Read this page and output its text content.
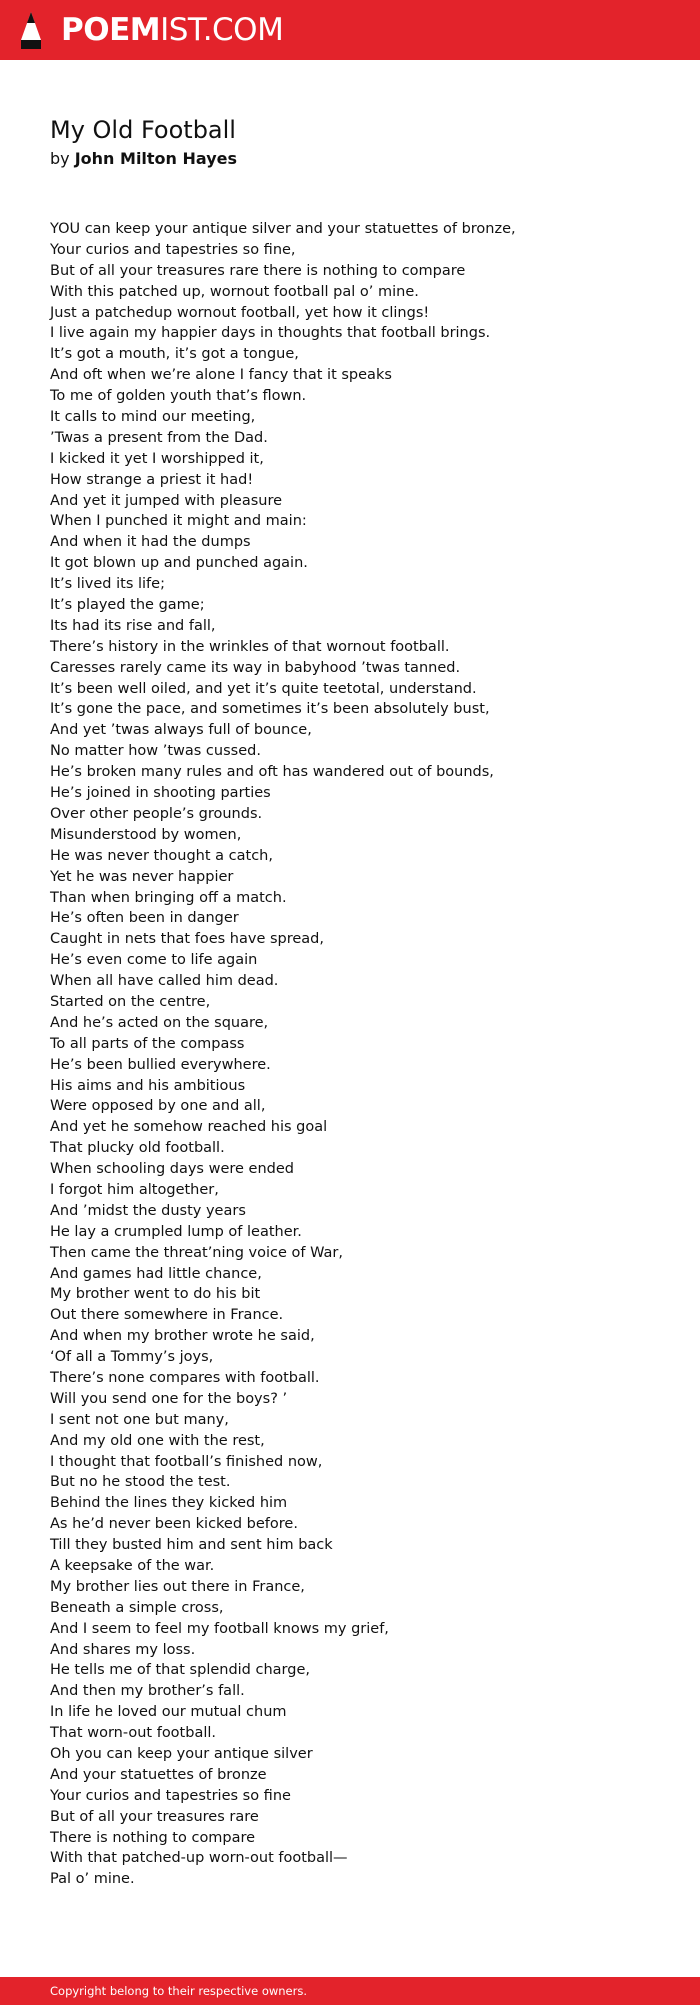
POEMIST.COM
My Old Football
by John Milton Hayes
YOU can keep your antique silver and your statuettes of bronze,
Your curios and tapestries so fine,
But of all your treasures rare there is nothing to compare
With this patched up, wornout football pal o’ mine.
Just a patchedup wornout football, yet how it clings!
I live again my happier days in thoughts that football brings.
It’s got a mouth, it’s got a tongue,
And oft when we’re alone I fancy that it speaks
To me of golden youth that’s flown.
It calls to mind our meeting,
’Twas a present from the Dad.
I kicked it yet I worshipped it,
How strange a priest it had!
And yet it jumped with pleasure
When I punched it might and main:
And when it had the dumps
It got blown up and punched again.
It’s lived its life;
It’s played the game;
Its had its rise and fall,
There’s history in the wrinkles of that wornout football.
Caresses rarely came its way in babyhood ’twas tanned.
It’s been well oiled, and yet it’s quite teetotal, understand.
It’s gone the pace, and sometimes it’s been absolutely bust,
And yet ’twas always full of bounce,
No matter how ’twas cussed.
He’s broken many rules and oft has wandered out of bounds,
He’s joined in shooting parties
Over other people’s grounds.
Misunderstood by women,
He was never thought a catch,
Yet he was never happier
Than when bringing off a match.
He’s often been in danger
Caught in nets that foes have spread,
He’s even come to life again
When all have called him dead.
Started on the centre,
And he’s acted on the square,
To all parts of the compass
He’s been bullied everywhere.
His aims and his ambitious
Were opposed by one and all,
And yet he somehow reached his goal
That plucky old football.
When schooling days were ended
I forgot him altogether,
And ’midst the dusty years
He lay a crumpled lump of leather.
Then came the threat’ning voice of War,
And games had little chance,
My brother went to do his bit
Out there somewhere in France.
And when my brother wrote he said,
‘Of all a Tommy’s joys,
There’s none compares with football.
Will you send one for the boys? ’
I sent not one but many,
And my old one with the rest,
I thought that football’s finished now,
But no he stood the test.
Behind the lines they kicked him
As he’d never been kicked before.
Till they busted him and sent him back
A keepsake of the war.
My brother lies out there in France,
Beneath a simple cross,
And I seem to feel my football knows my grief,
And shares my loss.
He tells me of that splendid charge,
And then my brother’s fall.
In life he loved our mutual chum
That worn-out football.
Oh you can keep your antique silver
And your statuettes of bronze
Your curios and tapestries so fine
But of all your treasures rare
There is nothing to compare
With that patched-up worn-out football—
Pal o’ mine.
Copyright belong to their respective owners.
